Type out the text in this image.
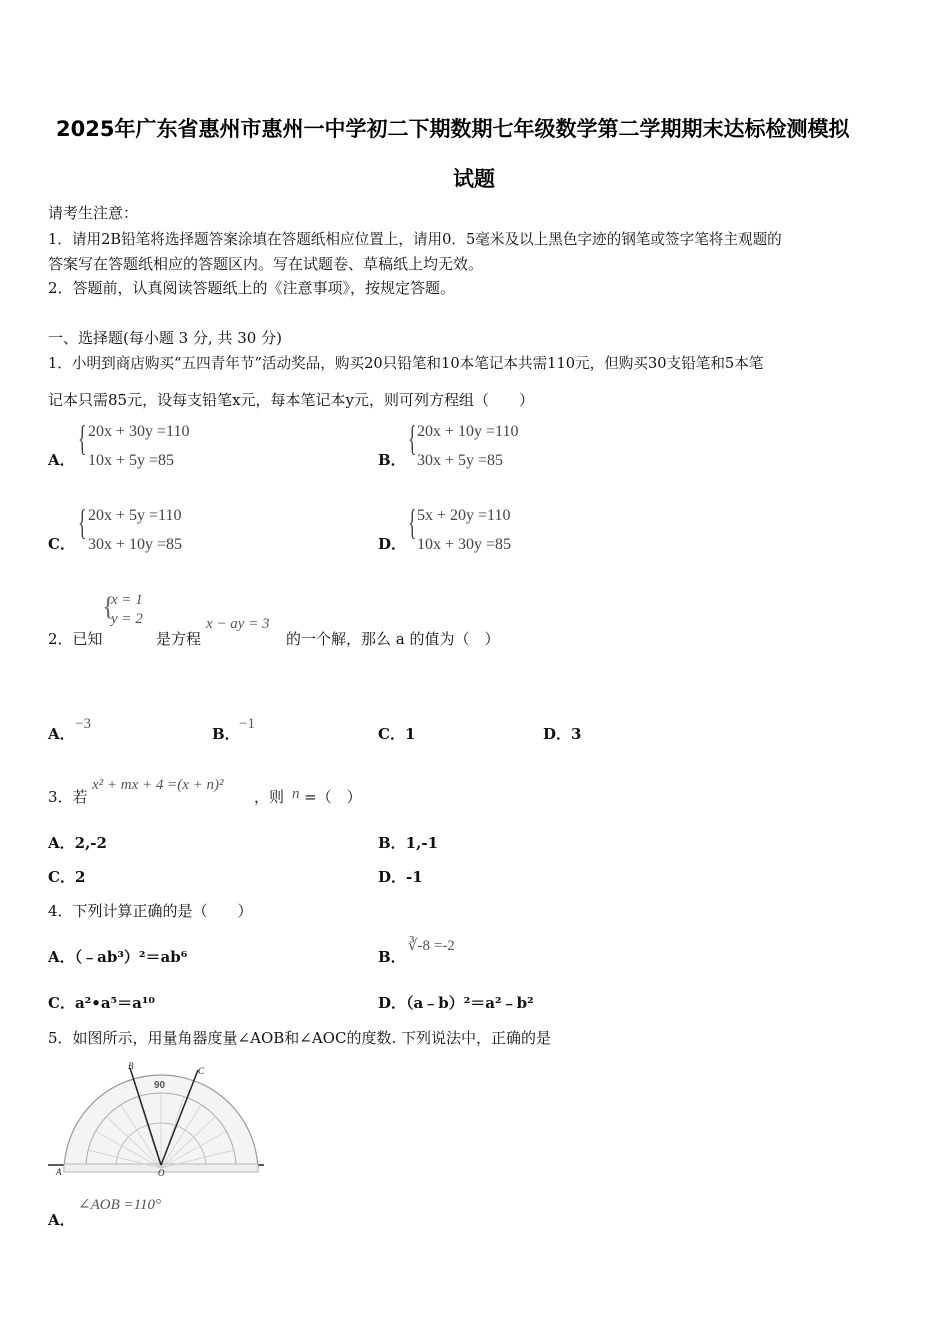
2025年广东省惠州市惠州一中学初二下期数期七年级数学第二学期期末达标检测模拟
试题
请考生注意：
1．请用2B铅笔将选择题答案涂填在答题纸相应位置上，请用0．5毫米及以上黑色字迹的钢笔或签字笔将主观题的
答案写在答题纸相应的答题区内。写在试题卷、草稿纸上均无效。
2．答题前，认真阅读答题纸上的《注意事项》，按规定答题。
一、选择题(每小题 3 分, 共 30 分)
1．小明到商店购买“五四青年节”活动奖品，购买20只铅笔和10本笔记本共需110元，但购买30支铅笔和5本笔
记本只需85元，设每支铅笔x元，每本笔记本y元，则可列方程组（　　）
A．
{ 20x + 30y =110
10x + 5y =85	B．
{ 20x + 10y =110
30x + 5y =85
C．
{ 20x + 5y =110
30x + 10y =85	D．
{ 5x + 20y =110
10x + 30y =85
2．已知
{
x = 1
y = 2
是方程
x − ay = 3
的一个解，那么 a 的值为（　）
A．
−3
B．
−1
C．1	D．3
3．若
x² + mx + 4 =(x + n)²
，则 n =（　）
A．2,-2	B．1,-1
C．2	D．-1
4．下列计算正确的是（　　）
A．（﹣ab³）²＝ab⁶	B．
∛-8 =-2
C．a²•a⁵＝a¹⁰	D．（a﹣b）²＝a²﹣b²
5．如图所示，用量角器度量∠AOB和∠AOC的度数. 下列说法中，正确的是
90
B	C
A	O
A．
∠AOB =110°
